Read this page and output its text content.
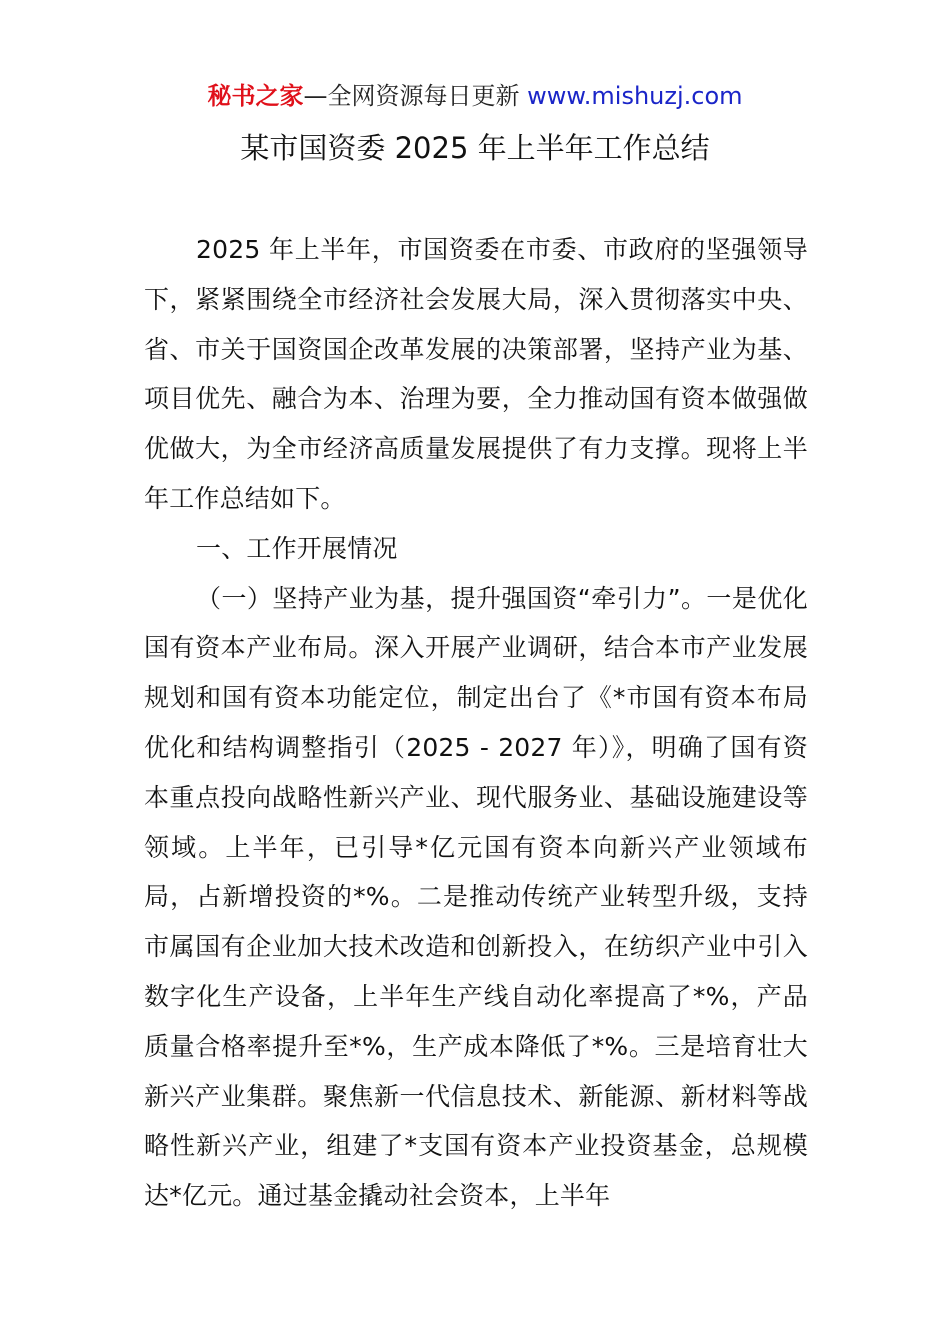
秘书之家—全网资源每日更新 www.mishuzj.com
某市国资委 2025 年上半年工作总结

2025 年上半年，市国资委在市委、市政府的坚强领导下，紧紧围绕全市经济社会发展大局，深入贯彻落实中央、省、市关于国资国企改革发展的决策部署，坚持产业为基、项目优先、融合为本、治理为要，全力推动国有资本做强做优做大，为全市经济高质量发展提供了有力支撑。现将上半年工作总结如下。

一、工作开展情况

（一）坚持产业为基，提升强国资“牵引力”。一是优化国有资本产业布局。深入开展产业调研，结合本市产业发展规划和国有资本功能定位，制定出台了《*市国有资本布局优化和结构调整指引（2025 - 2027 年）》，明确了国有资本重点投向战略性新兴产业、现代服务业、基础设施建设等领域。上半年，已引导*亿元国有资本向新兴产业领域布局，占新增投资的*%。二是推动传统产业转型升级，支持市属国有企业加大技术改造和创新投入，在纺织产业中引入数字化生产设备，上半年生产线自动化率提高了*%，产品质量合格率提升至*%，生产成本降低了*%。三是培育壮大新兴产业集群。聚焦新一代信息技术、新能源、新材料等战略性新兴产业，组建了*支国有资本产业投资基金，总规模达*亿元。通过基金撬动社会资本，上半年
